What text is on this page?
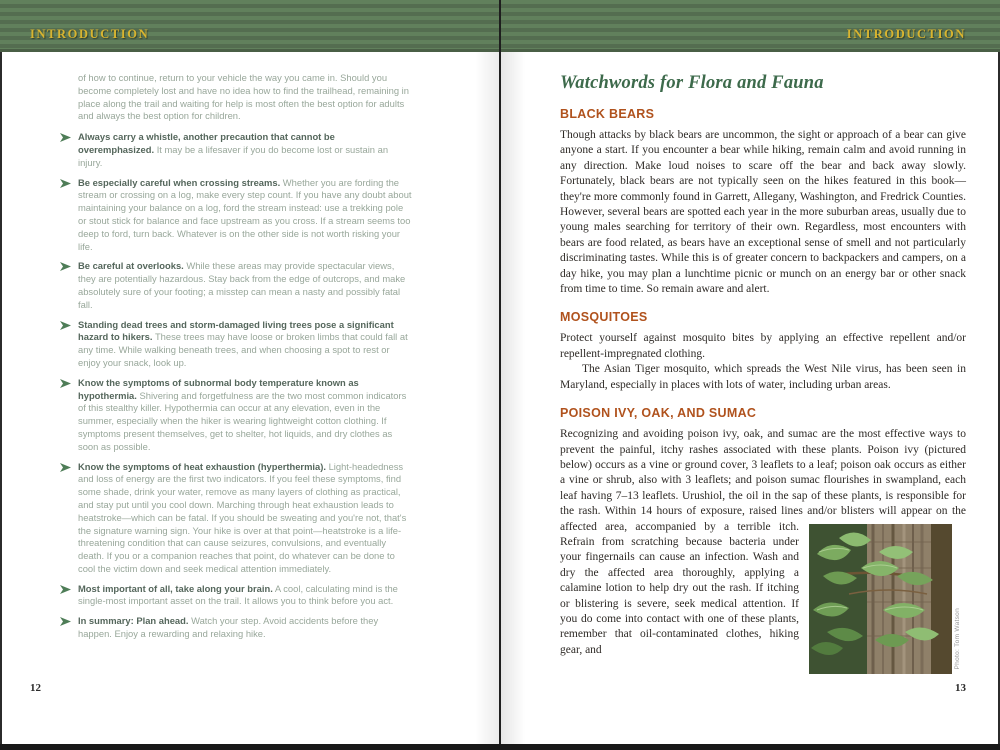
INTRODUCTION	INTRODUCTION

of how to continue, return to your vehicle the way you came in. Should you become completely lost and have no idea how to find the trailhead, remaining in place along the trail and waiting for help is most often the best option for adults and always the best option for children.

Always carry a whistle, another precaution that cannot be overemphasized. It may be a lifesaver if you do become lost or sustain an injury.
Be especially careful when crossing streams. Whether you are fording the stream or crossing on a log, make every step count. If you have any doubt about maintaining your balance on a log, ford the stream instead: use a trekking pole or stout stick for balance and face upstream as you cross. If a stream seems too deep to ford, turn back. Whatever is on the other side is not worth risking your life.
Be careful at overlooks. While these areas may provide spectacular views, they are potentially hazardous. Stay back from the edge of outcrops, and make absolutely sure of your footing; a misstep can mean a nasty and possibly fatal fall.
Standing dead trees and storm-damaged living trees pose a significant hazard to hikers. These trees may have loose or broken limbs that could fall at any time. While walking beneath trees, and when choosing a spot to rest or enjoy your snack, look up.
Know the symptoms of subnormal body temperature known as hypothermia. Shivering and forgetfulness are the two most common indicators of this stealthy killer. Hypothermia can occur at any elevation, even in the summer, especially when the hiker is wearing lightweight cotton clothing. If symptoms present themselves, get to shelter, hot liquids, and dry clothes as soon as possible.
Know the symptoms of heat exhaustion (hyperthermia). Light-headedness and loss of energy are the first two indicators. If you feel these symptoms, find some shade, drink your water, remove as many layers of clothing as practical, and stay put until you cool down. Marching through heat exhaustion leads to heatstroke—which can be fatal. If you should be sweating and you're not, that's the signature warning sign. Your hike is over at that point—heatstroke is a life-threatening condition that can cause seizures, convulsions, and eventually death. If you or a companion reaches that point, do whatever can be done to cool the victim down and seek medical attention immediately.
Most important of all, take along your brain. A cool, calculating mind is the single-most important asset on the trail. It allows you to think before you act.
In summary: Plan ahead. Watch your step. Avoid accidents before they happen. Enjoy a rewarding and relaxing hike.
12
Watchwords for Flora and Fauna
BLACK BEARS

Though attacks by black bears are uncommon, the sight or approach of a bear can give anyone a start. If you encounter a bear while hiking, remain calm and avoid running in any direction. Make loud noises to scare off the bear and back away slowly. Fortunately, black bears are not typically seen on the hikes featured in this book—they're more commonly found in Garrett, Allegany, Washington, and Fredrick Counties. However, several bears are spotted each year in the more suburban areas, usually due to young males searching for territory of their own. Regardless, most encounters with bears are food related, as bears have an exceptional sense of smell and not particularly discriminating tastes. While this is of greater concern to backpackers and campers, on a day hike, you may plan a lunchtime picnic or munch on an energy bar or other snack from time to time. So remain aware and alert.

MOSQUITOES

Protect yourself against mosquito bites by applying an effective repellent and/or repellent-impregnated clothing.

The Asian Tiger mosquito, which spreads the West Nile virus, has been seen in Maryland, especially in places with lots of water, including urban areas.

POISON IVY, OAK, AND SUMAC

Recognizing and avoiding poison ivy, oak, and sumac are the most effective ways to prevent the painful, itchy rashes associated with these plants. Poison ivy (pictured below) occurs as a vine or ground cover, 3 leaflets to a leaf; poison oak occurs as either a vine or shrub, also with 3 leaflets; and poison sumac flourishes in swampland, each leaf having 7–13 leaflets. Urushiol, the oil in the sap of these plants, is responsible for the rash. Within 14 hours of exposure, raised lines and/or blisters
Photo: Tom Watson
will appear on the affected area, accompanied by a terrible itch. Refrain from scratching because bacteria under your fingernails can cause an infection. Wash and dry the affected area thoroughly, applying a calamine lotion to help dry out the rash. If itching or blistering is severe, seek medical attention. If you do come into contact with one of these plants, remember that oil-contaminated clothes, hiking gear, and

13
